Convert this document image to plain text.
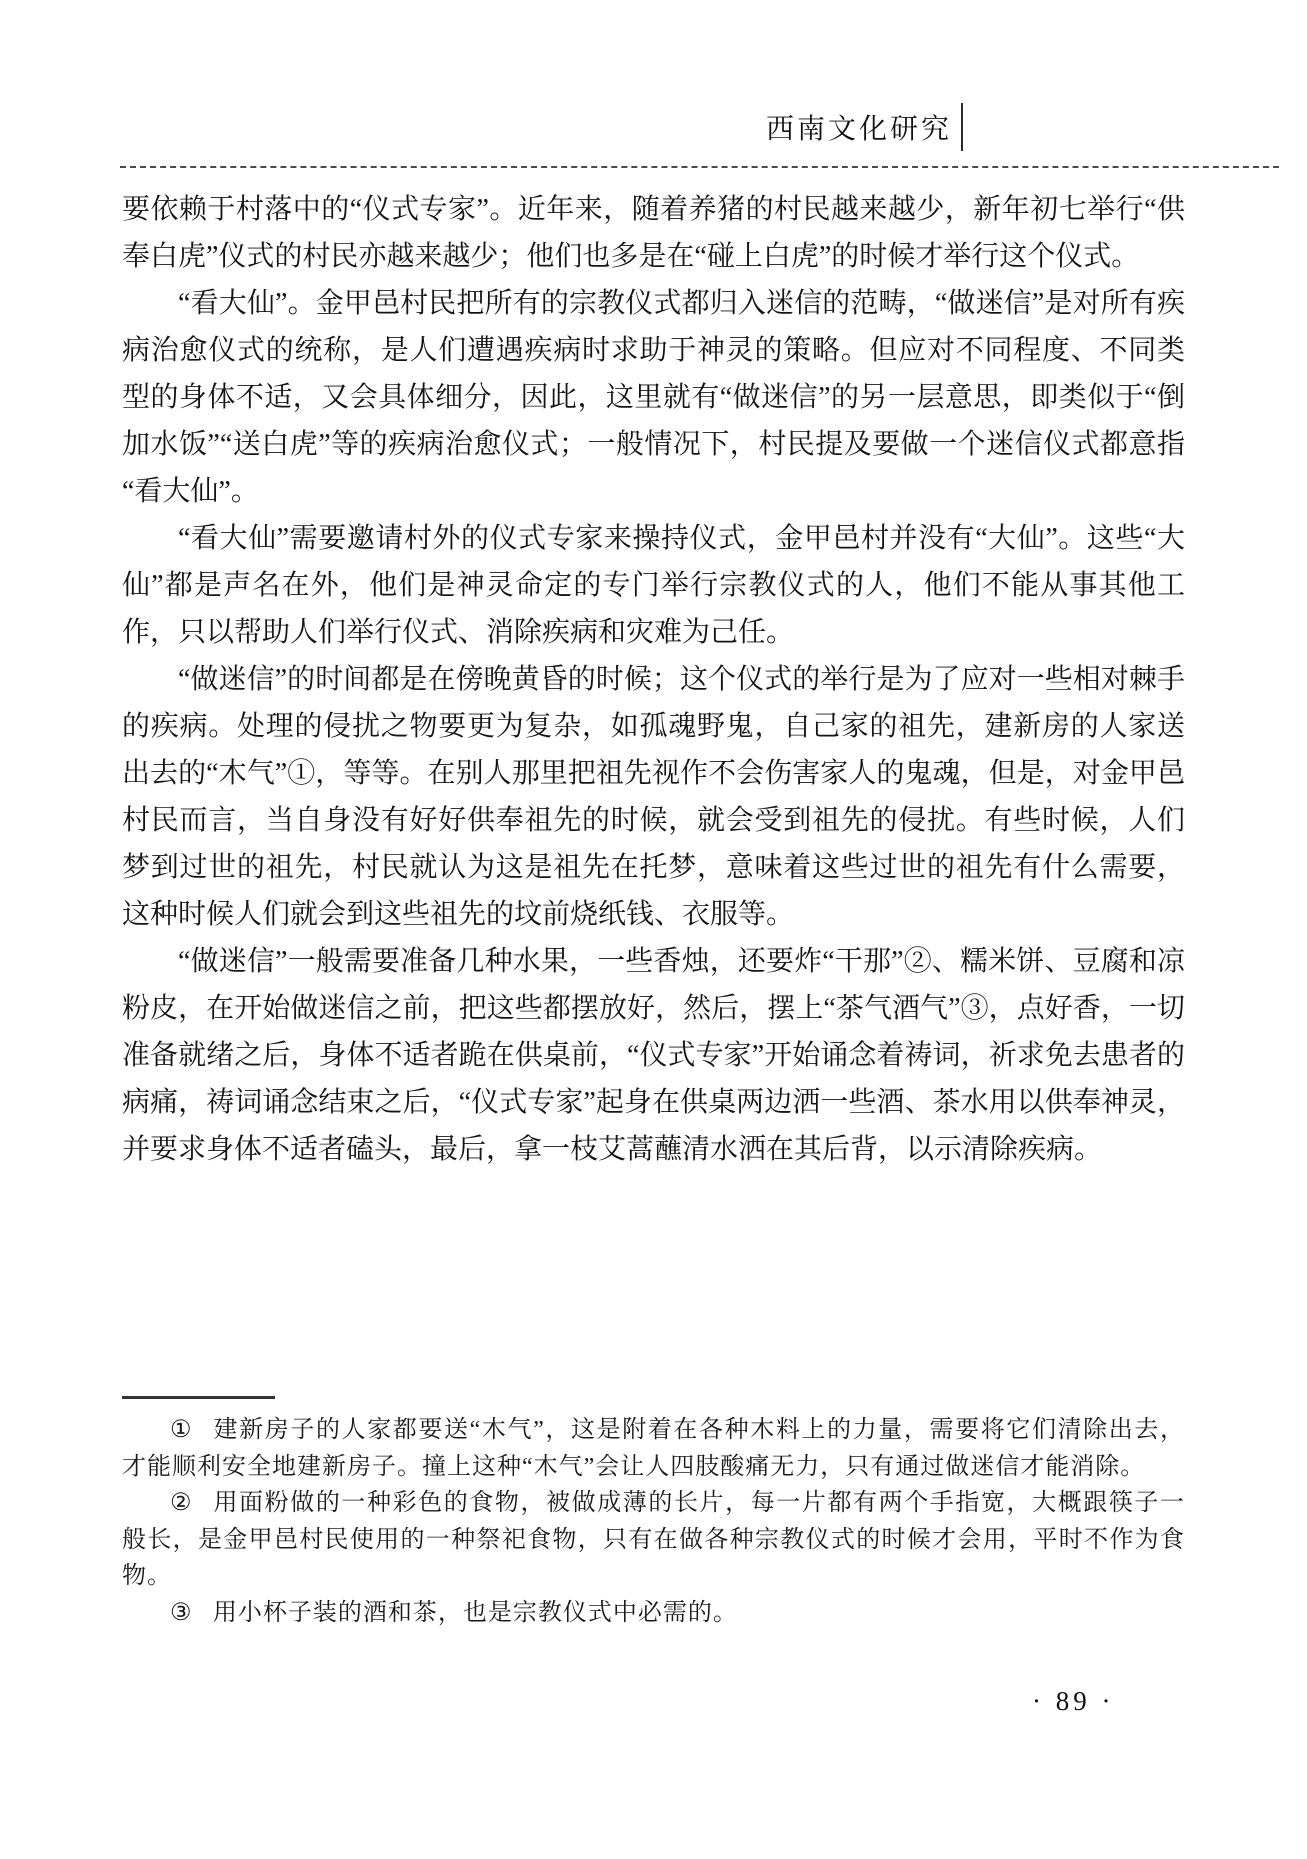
西南文化研究

要依赖于村落中的“仪式专家”。近年来，随着养猪的村民越来越少，新年初七举行“供奉白虎”仪式的村民亦越来越少；他们也多是在“碰上白虎”的时候才举行这个仪式。

“看大仙”。金甲邑村民把所有的宗教仪式都归入迷信的范畴，“做迷信”是对所有疾病治愈仪式的统称，是人们遭遇疾病时求助于神灵的策略。但应对不同程度、不同类型的身体不适，又会具体细分，因此，这里就有“做迷信”的另一层意思，即类似于“倒加水饭”“送白虎”等的疾病治愈仪式；一般情况下，村民提及要做一个迷信仪式都意指“看大仙”。

“看大仙”需要邀请村外的仪式专家来操持仪式，金甲邑村并没有“大仙”。这些“大仙”都是声名在外，他们是神灵命定的专门举行宗教仪式的人，他们不能从事其他工作，只以帮助人们举行仪式、消除疾病和灾难为己任。

“做迷信”的时间都是在傍晚黄昏的时候；这个仪式的举行是为了应对一些相对棘手的疾病。处理的侵扰之物要更为复杂，如孤魂野鬼，自己家的祖先，建新房的人家送出去的“木气”①，等等。在别人那里把祖先视作不会伤害家人的鬼魂，但是，对金甲邑村民而言，当自身没有好好供奉祖先的时候，就会受到祖先的侵扰。有些时候，人们梦到过世的祖先，村民就认为这是祖先在托梦，意味着这些过世的祖先有什么需要，这种时候人们就会到这些祖先的坟前烧纸钱、衣服等。

“做迷信”一般需要准备几种水果，一些香烛，还要炸“干那”②、糯米饼、豆腐和凉粉皮，在开始做迷信之前，把这些都摆放好，然后，摆上“茶气酒气”③，点好香，一切准备就绪之后，身体不适者跪在供桌前，“仪式专家”开始诵念着祷词，祈求免去患者的病痛，祷词诵念结束之后，“仪式专家”起身在供桌两边洒一些酒、茶水用以供奉神灵，并要求身体不适者磕头，最后，拿一枝艾蒿蘸清水洒在其后背，以示清除疾病。

① 建新房子的人家都要送“木气”，这是附着在各种木料上的力量，需要将它们清除出去，才能顺利安全地建新房子。撞上这种“木气”会让人四肢酸痛无力，只有通过做迷信才能消除。

② 用面粉做的一种彩色的食物，被做成薄的长片，每一片都有两个手指宽，大概跟筷子一般长，是金甲邑村民使用的一种祭祀食物，只有在做各种宗教仪式的时候才会用，平时不作为食物。

③ 用小杯子装的酒和茶，也是宗教仪式中必需的。

· 89 ·
